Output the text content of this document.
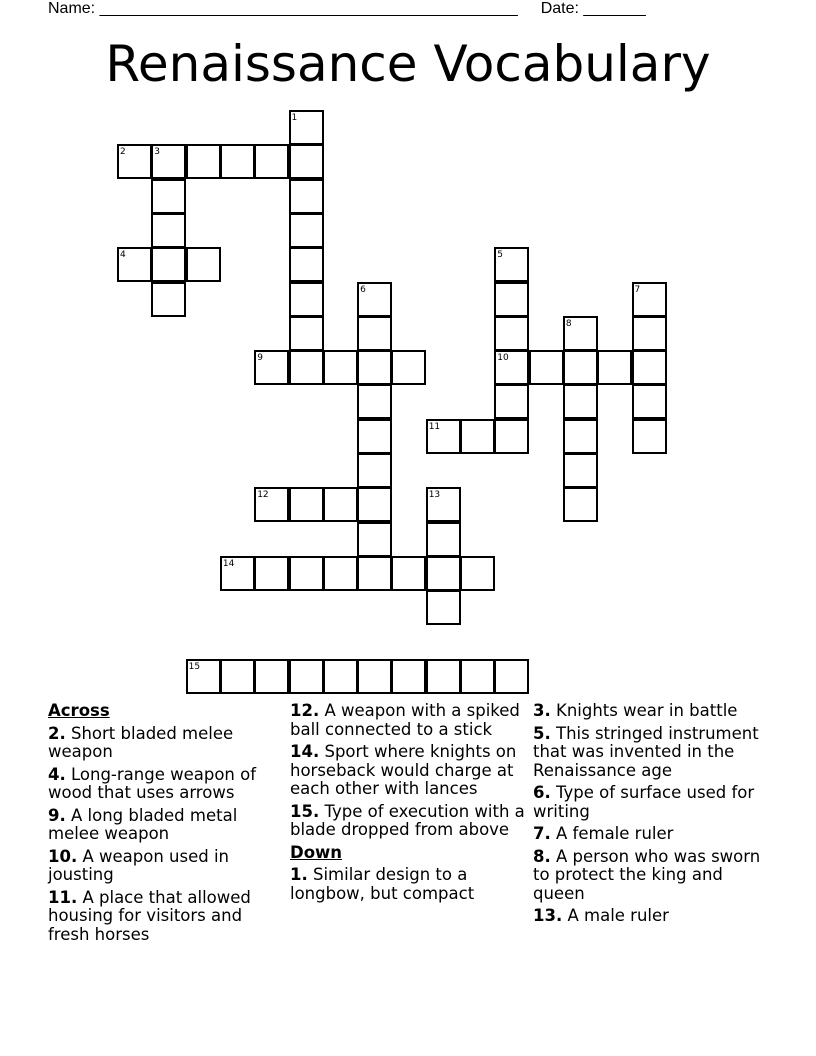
Name: _______________________________________________ Date: _______
Renaissance Vocabulary
1
2	3
4	5
6	7
8
9	10
11
12	13
14
15
Across
2. Short bladed melee weapon
4. Long-range weapon of wood that uses arrows
9. A long bladed metal melee weapon
10. A weapon used in jousting
11. A place that allowed housing for visitors and fresh horses
12. A weapon with a spiked ball connected to a stick
14. Sport where knights on horseback would charge at each other with lances
15. Type of execution with a blade dropped from above
Down
1. Similar design to a longbow, but compact
3. Knights wear in battle
5. This stringed instrument that was invented in the Renaissance age
6. Type of surface used for writing
7. A female ruler
8. A person who was sworn to protect the king and queen
13. A male ruler
